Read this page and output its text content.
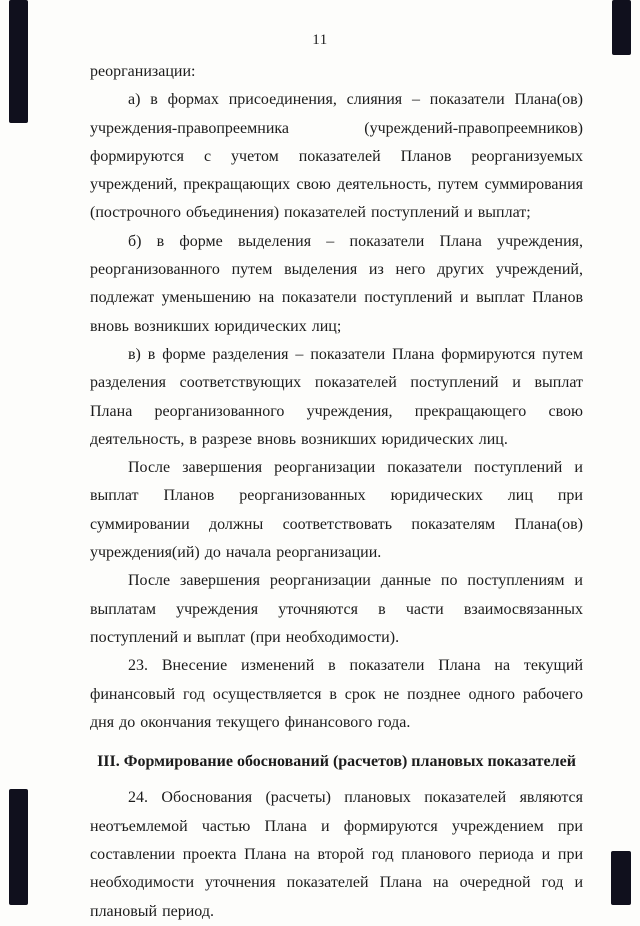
11

реорганизации:

а) в формах присоединения, слияния – показатели Плана(ов) учреждения-правопреемника (учреждений-правопреемников) формируются с учетом показателей Планов реорганизуемых учреждений, прекращающих свою деятельность, путем суммирования (построчного объединения) показателей поступлений и выплат;

б) в форме выделения – показатели Плана учреждения, реорганизованного путем выделения из него других учреждений, подлежат уменьшению на показатели поступлений и выплат Планов вновь возникших юридических лиц;

в) в форме разделения – показатели Плана формируются путем разделения соответствующих показателей поступлений и выплат Плана реорганизованного учреждения, прекращающего свою деятельность, в разрезе вновь возникших юридических лиц.

После завершения реорганизации показатели поступлений и выплат Планов реорганизованных юридических лиц при суммировании должны соответствовать показателям Плана(ов) учреждения(ий) до начала реорганизации.

После завершения реорганизации данные по поступлениям и выплатам учреждения уточняются в части взаимосвязанных поступлений и выплат (при необходимости).

23. Внесение изменений в показатели Плана на текущий финансовый год осуществляется в срок не позднее одного рабочего дня до окончания текущего финансового года.

III. Формирование обоснований (расчетов) плановых показателей

24. Обоснования (расчеты) плановых показателей являются неотъемлемой частью Плана и формируются учреждением при составлении проекта Плана на второй год планового периода и при необходимости уточнения показателей Плана на очередной год и плановый период.
